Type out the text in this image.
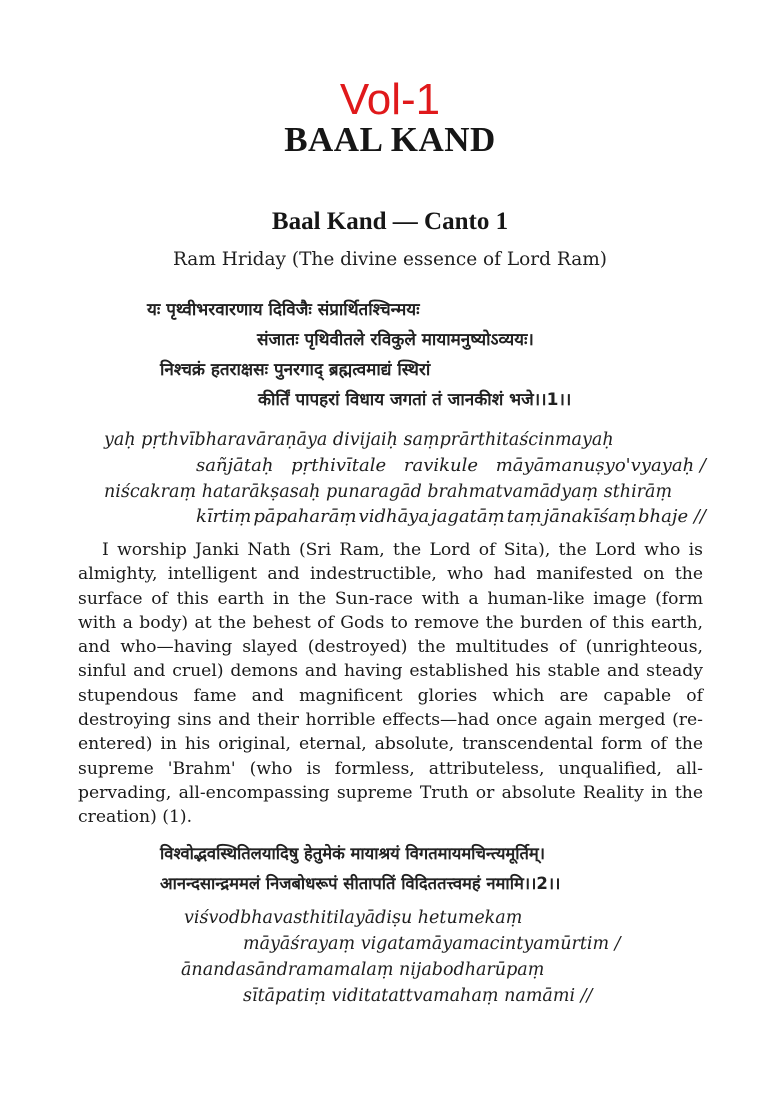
Vol-1
BAAL KAND
Baal Kand — Canto 1
Ram Hriday (The divine essence of Lord Ram)
यः पृथ्वीभरवारणाय दिविजैः संप्रार्थितश्चिन्मयः
संजातः पृथिवीतले रविकुले मायामनुष्योऽव्ययः।
निश्चक्रं हतराक्षसः पुनरगाद् ब्रह्मत्वमाद्यं स्थिरां
कीर्तिं पापहरां विधाय जगतां तं जानकीशं भजे।।1।।
yaḥ pṛthvībharavāraṇāya divijaiḥ saṃprārthitaścinmayaḥ
sañjātaḥ pṛthivītale ravikule māyāmanuṣyo'vyayaḥ /
niścakraṃ hatarākṣasaḥ punaragād brahmatvamādyaṃ sthirāṃ
kīrtiṃ pāpaharāṃ vidhāya jagatāṃ taṃ jānakīśaṃ bhaje //
I worship Janki Nath (Sri Ram, the Lord of Sita), the Lord who is
almighty, intelligent and indestructible, who had manifested on the
surface of this earth in the Sun-race with a human-like image (form
with a body) at the behest of Gods to remove the burden of this earth,
and who—having slayed (destroyed) the multitudes of (unrighteous,
sinful and cruel) demons and having established his stable and steady
stupendous fame and magnificent glories which are capable of
destroying sins and their horrible effects—had once again merged (re-
entered) in his original, eternal, absolute, transcendental form of the
supreme 'Brahm' (who is formless, attributeless, unqualified, all-
pervading, all-encompassing supreme Truth or absolute Reality in the
creation) (1).
विश्वोद्भवस्थितिलयादिषु हेतुमेकं मायाश्रयं विगतमायमचिन्त्यमूर्तिम्।
आनन्दसान्द्रममलं निजबोधरूपं सीतापतिं विदिततत्त्वमहं नमामि।।2।।
viśvodbhavasthitilayādiṣu hetumekaṃ
māyāśrayaṃ vigatamāyamacintyamūrtim /
ānandasāndramamalaṃ nijabodharūpaṃ
sītāpatiṃ viditatattvamahaṃ namāmi //
